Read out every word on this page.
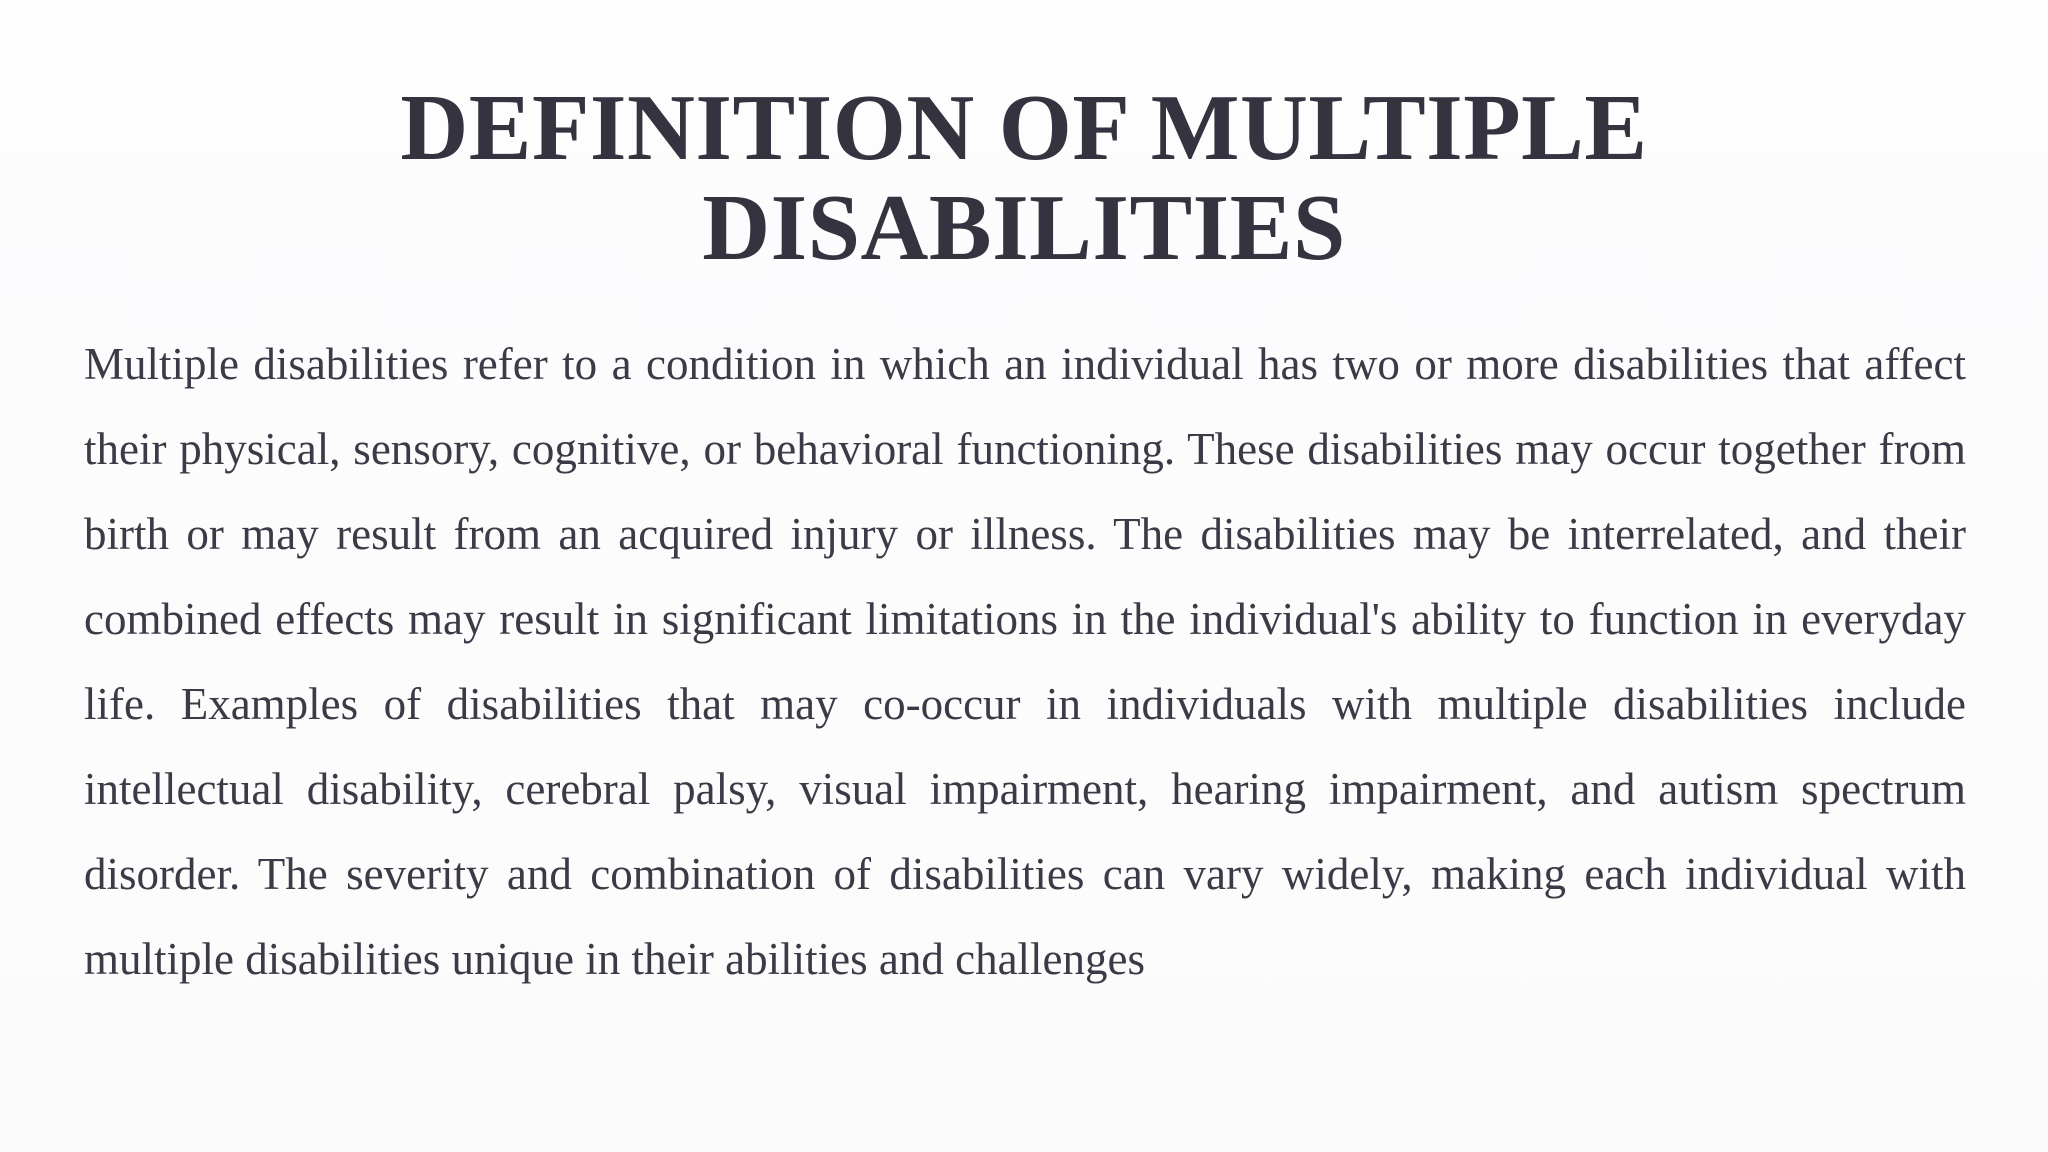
DEFINITION OF MULTIPLE
DISABILITIES

Multiple disabilities refer to a condition in which an individual has two or more disabilities that affect their physical, sensory, cognitive, or behavioral functioning. These disabilities may occur together from birth or may result from an acquired injury or illness. The disabilities may be interrelated, and their combined effects may result in significant limitations in the individual's ability to function in everyday life. Examples of disabilities that may co-occur in individuals with multiple disabilities include intellectual disability, cerebral palsy, visual impairment, hearing impairment, and autism spectrum disorder. The severity and combination of disabilities can vary widely, making each individual with multiple disabilities unique in their abilities and challenges
